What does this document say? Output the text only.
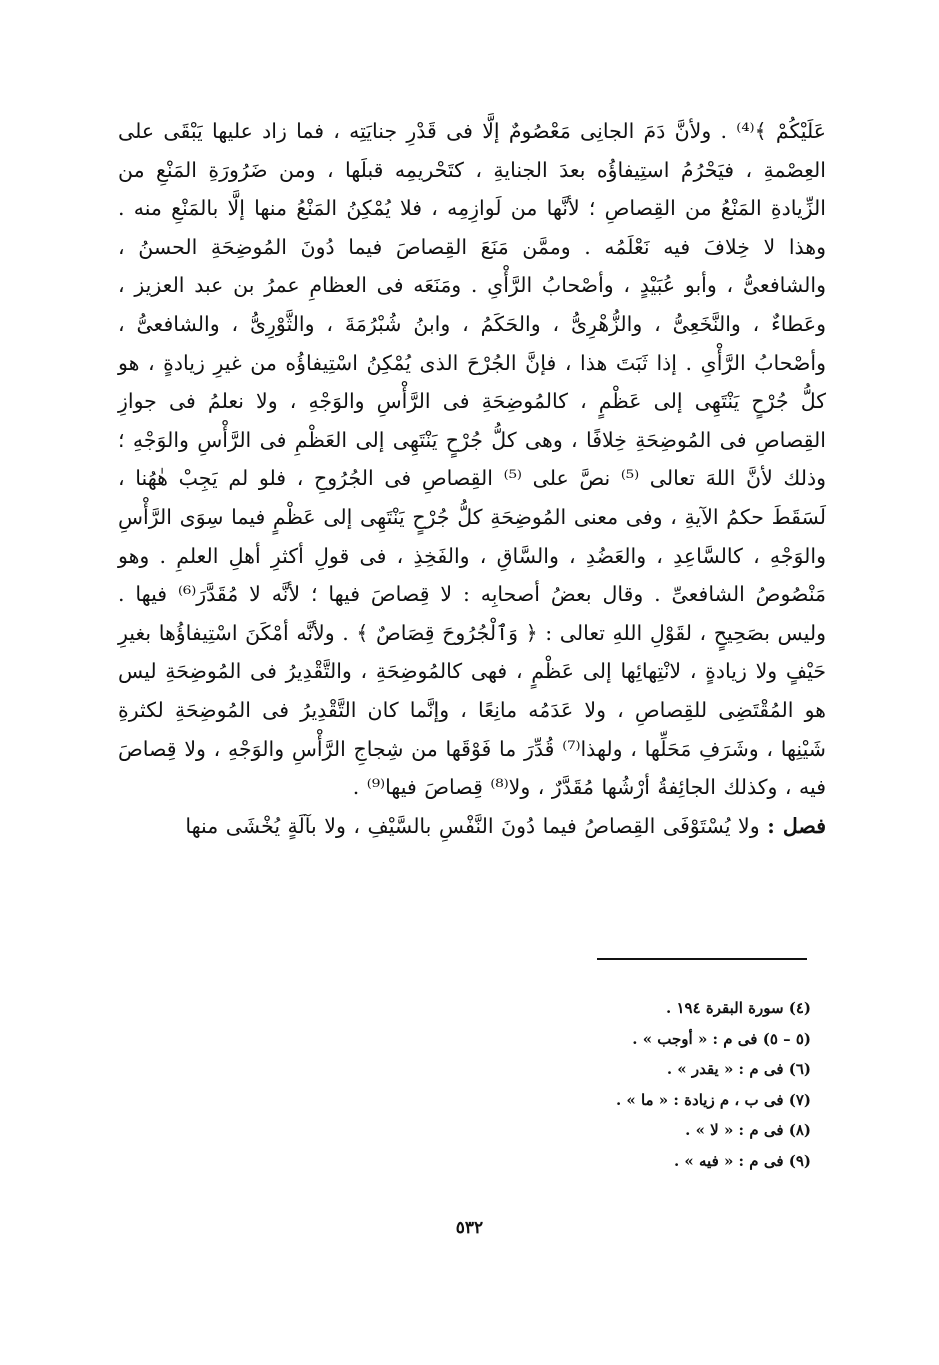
عَلَيْكُمْ ﴾⁽⁴⁾ . ولأنَّ دَمَ الجانِى مَعْصُومٌ إلَّا فى قَدْرِ جنايَتِه ، فما زاد عليها يَبْقَى على العِصْمةِ ، فيَحْرُمُ استِيفاؤُه بعدَ الجنايةِ ، كتَحْريمِه قبلَها ، ومن ضَرُورَةِ المَنْعِ من الزِّيادةِ المَنْعُ من القِصاصِ ؛ لأنَّها من لَوازِمِه ، فلا يُمْكِنُ المَنْعُ منها إلَّا بالمَنْعِ منه . وهذا لا خِلافَ فيه نَعْلَمُه . وممَّن مَنَعَ القِصاصَ فيما دُونَ المُوضِحَةِ الحسنُ ، والشافعىُّ ، وأبو عُبَيْدٍ ، وأصْحابُ الرَّأْىِ . ومَنَعَه فى العظامِ عمرُ بن عبد العزيز ، وعَطاءٌ ، والنَّخَعِىُّ ، والزُّهْرِىُّ ، والحَكَمُ ، وابنُ شُبْرُمَةَ ، والثَّوْرِىُّ ، والشافعىُّ ، وأصْحابُ الرَّأْىِ . إذا ثَبَتَ هذا ، فإنَّ الجُرْحَ الذى يُمْكِنُ اسْتِيفاؤُه من غيرِ زيادةٍ ، هو كلُّ جُرْحٍ يَنْتَهِى إلى عَظْمٍ ، كالمُوضِحَةِ فى الرَّأْسِ والوَجْهِ ، ولا نعلمُ فى جوازِ القِصاصِ فى المُوضِحَةِ خِلافًا ، وهى كلُّ جُرْحٍ يَنْتَهِى إلى العَظْمِ فى الرَّأْسِ والوَجْهِ ؛ وذلك لأنَّ اللهَ تعالى ⁽⁵⁾ نصَّ على ⁽⁵⁾ القِصاصِ فى الجُرُوحِ ، فلو لم يَجِبْ هٰهُنا ، لَسَقَطَ حكمُ الآيةِ ، وفى معنى المُوضِحَةِ كلُّ جُرْحٍ يَنْتَهِى إلى عَظْمٍ فيما سِوَى الرَّأْسِ والوَجْهِ ، كالسَّاعِدِ ، والعَضُدِ ، والسَّاقِ ، والفَخِذِ ، فى قولِ أكثرِ أهلِ العلمِ . وهو مَنْصُوصُ الشافعىِّ . وقال بعضُ أصحابِه : لا قِصاصَ فيها ؛ لأنَّه لا مُقَدَّرَ⁽⁶⁾ فيها . وليس بصَحِيحٍ ، لقَوْلِ اللهِ تعالى : ﴿ وَٱلْجُرُوحَ قِصَاصٌ ﴾ . ولأنَّه أمْكَنَ اسْتِيفاؤُها بغيرِ حَيْفٍ ولا زيادةٍ ، لانْتِهائِها إلى عَظْمٍ ، فهى كالمُوضِحَةِ ، والتَّقْدِيرُ فى المُوضِحَةِ ليس هو المُقْتَضِى للقِصاصِ ، ولا عَدَمُه مانِعًا ، وإنَّما كان التَّقْدِيرُ فى المُوضِحَةِ لكثرةِ شَيْنِها ، وشَرَفِ مَحَلِّها ، ولهذا⁽⁷⁾ قُدِّرَ ما فَوْقَها من شِجاجِ الرَّأْسِ والوَجْهِ ، ولا قِصاصَ فيه ، وكذلك الجائِفةُ أرْشُها مُقَدَّرٌ ، ولا⁽⁸⁾ قِصاصَ فيها⁽⁹⁾ .

فصل : ولا يُسْتَوْفَى القِصاصُ فيما دُونَ النَّفْسِ بالسَّيْفِ ، ولا بآلَةٍ يُخْشَى منها

(٤) سورة البقرة ١٩٤ .
(٥ – ٥) فى م : « أوجب » .
(٦) فى م : « يقدر » .
(٧) فى ب ، م زيادة : « ما » .
(٨) فى م : « لا » .
(٩) فى م : « فيه » .
٥٣٢
